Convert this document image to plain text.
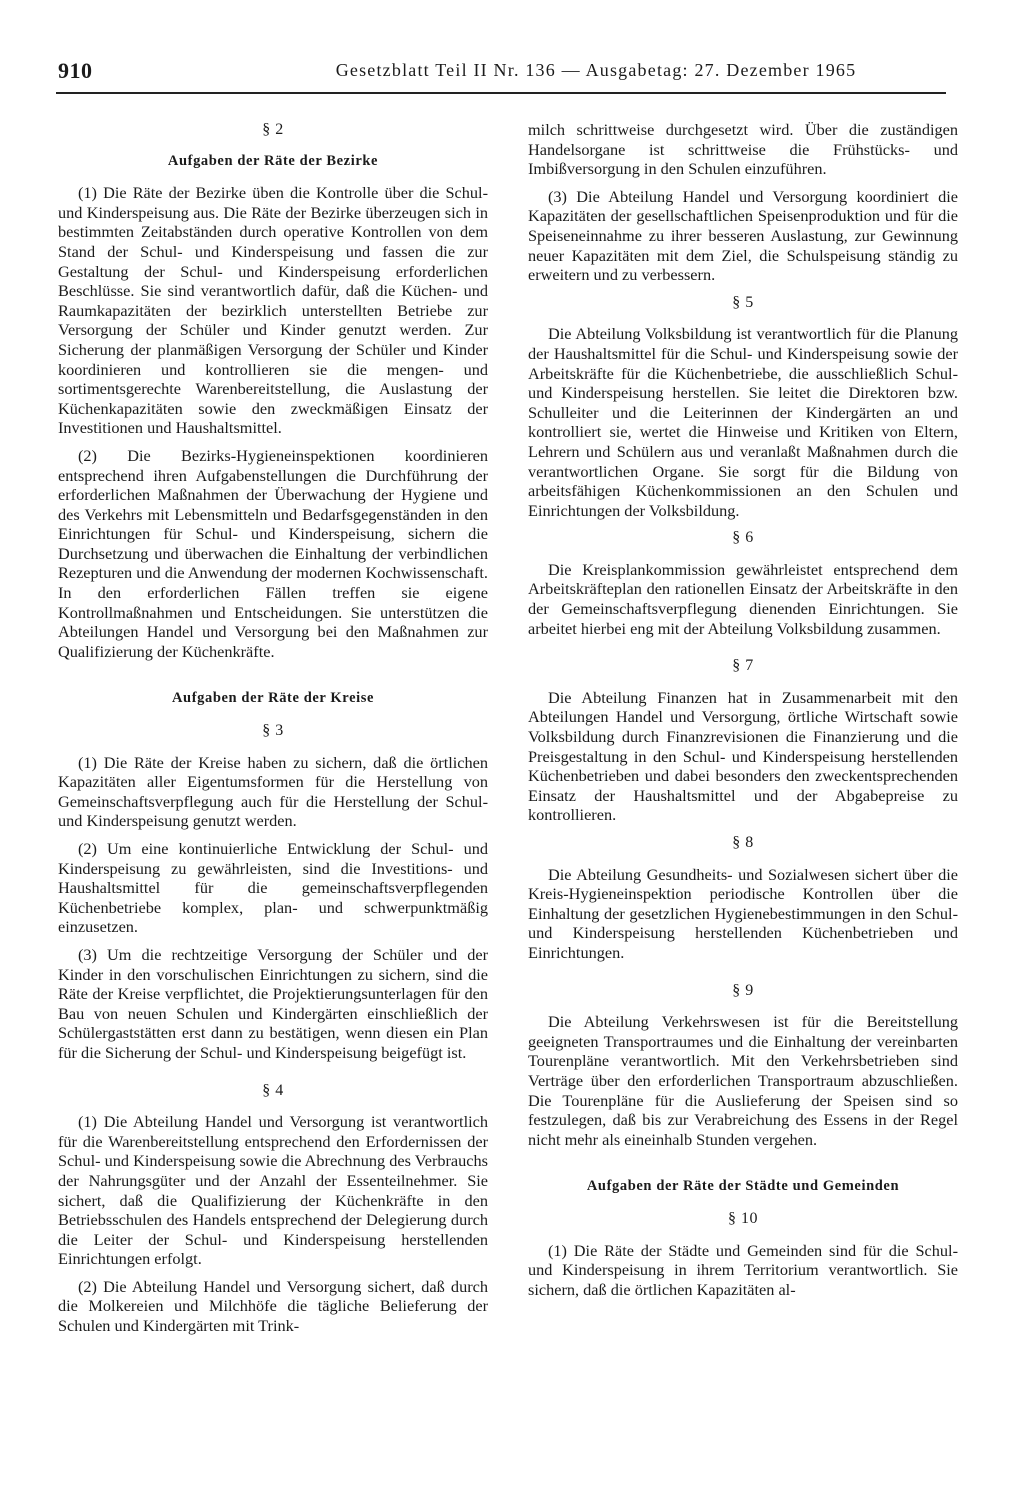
910	Gesetzblatt Teil II Nr. 136 — Ausgabetag: 27. Dezember 1965
§ 2
Aufgaben der Räte der Bezirke

(1) Die Räte der Bezirke üben die Kontrolle über die Schul- und Kinderspeisung aus. Die Räte der Bezirke überzeugen sich in bestimmten Zeitabständen durch operative Kontrollen von dem Stand der Schul- und Kinderspeisung und fassen die zur Gestaltung der Schul- und Kinderspeisung erforderlichen Beschlüsse. Sie sind verantwortlich dafür, daß die Küchen- und Raumkapazitäten der bezirklich unterstellten Betriebe zur Versorgung der Schüler und Kinder genutzt werden. Zur Sicherung der planmäßigen Versorgung der Schüler und Kinder koordinieren und kontrollieren sie die mengen- und sortimentsgerechte Warenbereitstellung, die Auslastung der Küchenkapazitäten sowie den zweckmäßigen Einsatz der Investitionen und Haushaltsmittel.

(2) Die Bezirks-Hygieneinspektionen koordinieren entsprechend ihren Aufgabenstellungen die Durchführung der erforderlichen Maßnahmen der Überwachung der Hygiene und des Verkehrs mit Lebensmitteln und Bedarfsgegenständen in den Einrichtungen für Schul- und Kinderspeisung, sichern die Durchsetzung und überwachen die Einhaltung der verbindlichen Rezepturen und die Anwendung der modernen Kochwissenschaft. In den erforderlichen Fällen treffen sie eigene Kontrollmaßnahmen und Entscheidungen. Sie unterstützen die Abteilungen Handel und Versorgung bei den Maßnahmen zur Qualifizierung der Küchenkräfte.

Aufgaben der Räte der Kreise
§ 3

(1) Die Räte der Kreise haben zu sichern, daß die örtlichen Kapazitäten aller Eigentumsformen für die Herstellung von Gemeinschaftsverpflegung auch für die Herstellung der Schul- und Kinderspeisung genutzt werden.

(2) Um eine kontinuierliche Entwicklung der Schul- und Kinderspeisung zu gewährleisten, sind die Investitions- und Haushaltsmittel für die gemeinschaftsverpflegenden Küchenbetriebe komplex, plan- und schwerpunktmäßig einzusetzen.

(3) Um die rechtzeitige Versorgung der Schüler und der Kinder in den vorschulischen Einrichtungen zu sichern, sind die Räte der Kreise verpflichtet, die Projektierungsunterlagen für den Bau von neuen Schulen und Kindergärten einschließlich der Schülergaststätten erst dann zu bestätigen, wenn diesen ein Plan für die Sicherung der Schul- und Kinderspeisung beigefügt ist.

§ 4

(1) Die Abteilung Handel und Versorgung ist verantwortlich für die Warenbereitstellung entsprechend den Erfordernissen der Schul- und Kinderspeisung sowie die Abrechnung des Verbrauchs der Nahrungsgüter und der Anzahl der Essenteilnehmer. Sie sichert, daß die Qualifizierung der Küchenkräfte in den Betriebsschulen des Handels entsprechend der Delegierung durch die Leiter der Schul- und Kinderspeisung herstellenden Einrichtungen erfolgt.

(2) Die Abteilung Handel und Versorgung sichert, daß durch die Molkereien und Milchhöfe die tägliche Belieferung der Schulen und Kindergärten mit Trink-

milch schrittweise durchgesetzt wird. Über die zuständigen Handelsorgane ist schrittweise die Frühstücks- und Imbißversorgung in den Schulen einzuführen.

(3) Die Abteilung Handel und Versorgung koordiniert die Kapazitäten der gesellschaftlichen Speisenproduktion und für die Speiseneinnahme zu ihrer besseren Auslastung, zur Gewinnung neuer Kapazitäten mit dem Ziel, die Schulspeisung ständig zu erweitern und zu verbessern.

§ 5

Die Abteilung Volksbildung ist verantwortlich für die Planung der Haushaltsmittel für die Schul- und Kinderspeisung sowie der Arbeitskräfte für die Küchenbetriebe, die ausschließlich Schul- und Kinderspeisung herstellen. Sie leitet die Direktoren bzw. Schulleiter und die Leiterinnen der Kindergärten an und kontrolliert sie, wertet die Hinweise und Kritiken von Eltern, Lehrern und Schülern aus und veranlaßt Maßnahmen durch die verantwortlichen Organe. Sie sorgt für die Bildung von arbeitsfähigen Küchenkommissionen an den Schulen und Einrichtungen der Volksbildung.

§ 6

Die Kreisplankommission gewährleistet entsprechend dem Arbeitskräfteplan den rationellen Einsatz der Arbeitskräfte in den der Gemeinschaftsverpflegung dienenden Einrichtungen. Sie arbeitet hierbei eng mit der Abteilung Volksbildung zusammen.

§ 7

Die Abteilung Finanzen hat in Zusammenarbeit mit den Abteilungen Handel und Versorgung, örtliche Wirtschaft sowie Volksbildung durch Finanzrevisionen die Finanzierung und die Preisgestaltung in den Schul- und Kinderspeisung herstellenden Küchenbetrieben und dabei besonders den zweckentsprechenden Einsatz der Haushaltsmittel und der Abgabepreise zu kontrollieren.

§ 8

Die Abteilung Gesundheits- und Sozialwesen sichert über die Kreis-Hygieneinspektion periodische Kontrollen über die Einhaltung der gesetzlichen Hygienebestimmungen in den Schul- und Kinderspeisung herstellenden Küchenbetrieben und Einrichtungen.

§ 9

Die Abteilung Verkehrswesen ist für die Bereitstellung geeigneten Transportraumes und die Einhaltung der vereinbarten Tourenpläne verantwortlich. Mit den Verkehrsbetrieben sind Verträge über den erforderlichen Transportraum abzuschließen. Die Tourenpläne für die Auslieferung der Speisen sind so festzulegen, daß bis zur Verabreichung des Essens in der Regel nicht mehr als eineinhalb Stunden vergehen.

Aufgaben der Räte der Städte und Gemeinden
§ 10

(1) Die Räte der Städte und Gemeinden sind für die Schul- und Kinderspeisung in ihrem Territorium verantwortlich. Sie sichern, daß die örtlichen Kapazitäten al-
